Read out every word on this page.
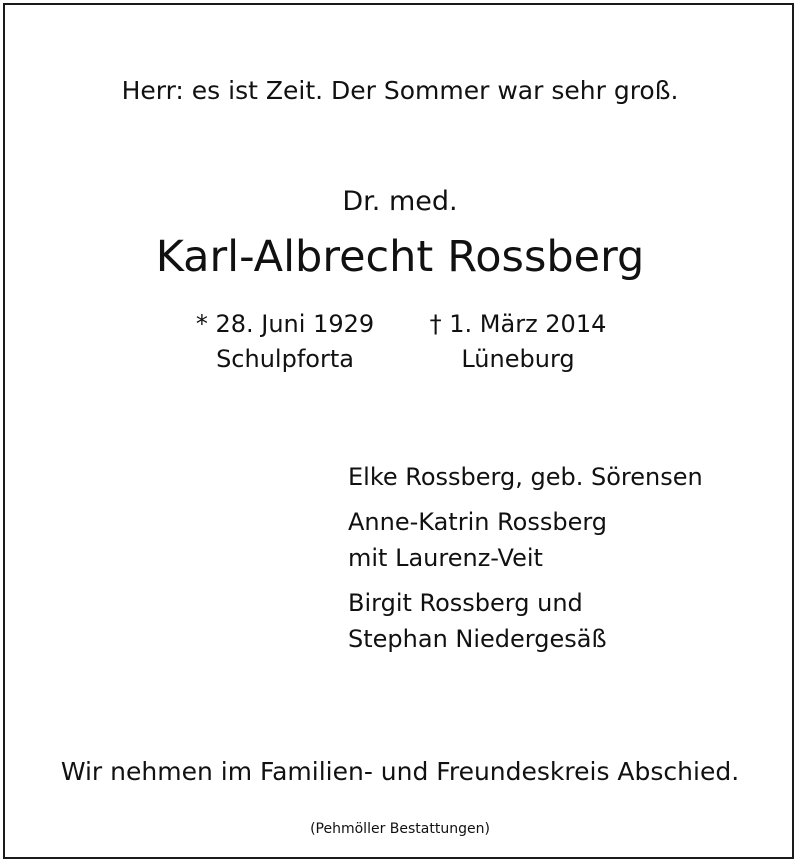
Herr: es ist Zeit. Der Sommer war sehr groß.
Dr. med.
Karl-Albrecht Rossberg
* 28. Juni 1929
Schulpforta
† 1. März 2014
Lüneburg
Elke Rossberg, geb. Sörensen
Anne-Katrin Rossberg
mit Laurenz-Veit
Birgit Rossberg und
Stephan Niedergesäß
Wir nehmen im Familien- und Freundeskreis Abschied.
(Pehmöller Bestattungen)
